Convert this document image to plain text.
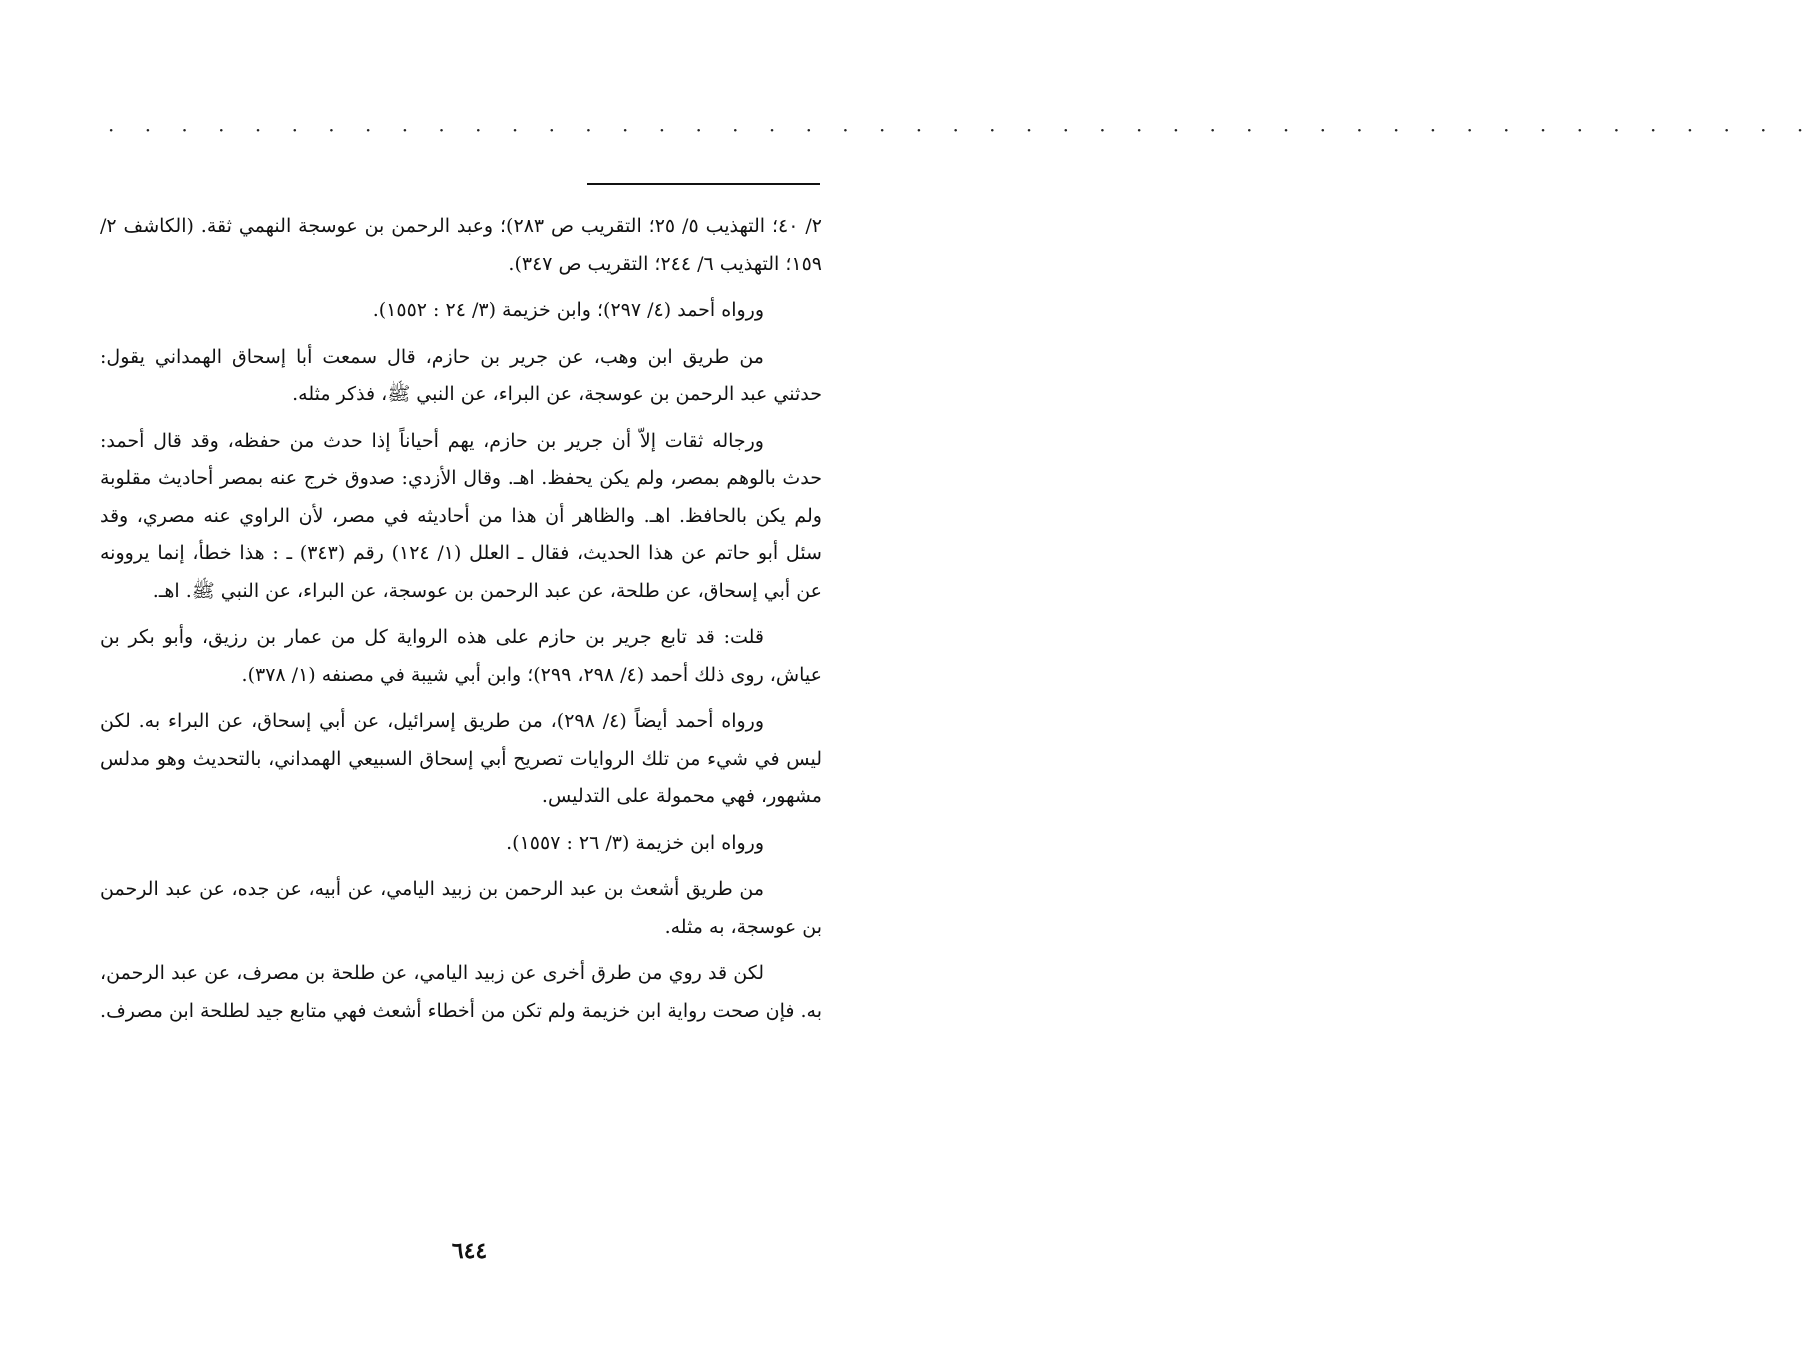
· · · · · · · · · · · · · · · · · · · · · · · · · · · · · · · · · · · · · · · · · · · · · · ·

٢/ ٤٠؛ التهذيب ٥/ ٢٥؛ التقريب ص ٢٨٣)؛ وعبد الرحمن بن عوسجة النهمي ثقة. (الكاشف ٢/ ١٥٩؛ التهذيب ٦/ ٢٤٤؛ التقريب ص ٣٤٧).

ورواه أحمد (٤/ ٢٩٧)؛ وابن خزيمة (٣/ ٢٤ : ١٥٥٢).

من طريق ابن وهب، عن جرير بن حازم، قال سمعت أبا إسحاق الهمداني يقول: حدثني عبد الرحمن بن عوسجة، عن البراء، عن النبي ﷺ، فذكر مثله.

ورجاله ثقات إلاّ أن جرير بن حازم، يهم أحياناً إذا حدث من حفظه، وقد قال أحمد: حدث بالوهم بمصر، ولم يكن يحفظ. اهـ. وقال الأزدي: صدوق خرج عنه بمصر أحاديث مقلوبة ولم يكن بالحافظ. اهـ. والظاهر أن هذا من أحاديثه في مصر، لأن الراوي عنه مصري، وقد سئل أبو حاتم عن هذا الحديث، فقال ـ العلل (١/ ١٢٤) رقم (٣٤٣) ـ : هذا خطأ، إنما يروونه عن أبي إسحاق، عن طلحة، عن عبد الرحمن بن عوسجة، عن البراء، عن النبي ﷺ. اهـ.

قلت: قد تابع جرير بن حازم على هذه الرواية كل من عمار بن رزيق، وأبو بكر بن عياش، روى ذلك أحمد (٤/ ٢٩٨، ٢٩٩)؛ وابن أبي شيبة في مصنفه (١/ ٣٧٨).

ورواه أحمد أيضاً (٤/ ٢٩٨)، من طريق إسرائيل، عن أبي إسحاق، عن البراء به. لكن ليس في شيء من تلك الروايات تصريح أبي إسحاق السبيعي الهمداني، بالتحديث وهو مدلس مشهور، فهي محمولة على التدليس.

ورواه ابن خزيمة (٣/ ٢٦ : ١٥٥٧).

من طريق أشعث بن عبد الرحمن بن زبيد اليامي، عن أبيه، عن جده، عن عبد الرحمن بن عوسجة، به مثله.

لكن قد روي من طرق أخرى عن زبيد اليامي، عن طلحة بن مصرف، عن عبد الرحمن، به. فإن صحت رواية ابن خزيمة ولم تكن من أخطاء أشعث فهي متابع جيد لطلحة ابن مصرف.

٦٤٤
